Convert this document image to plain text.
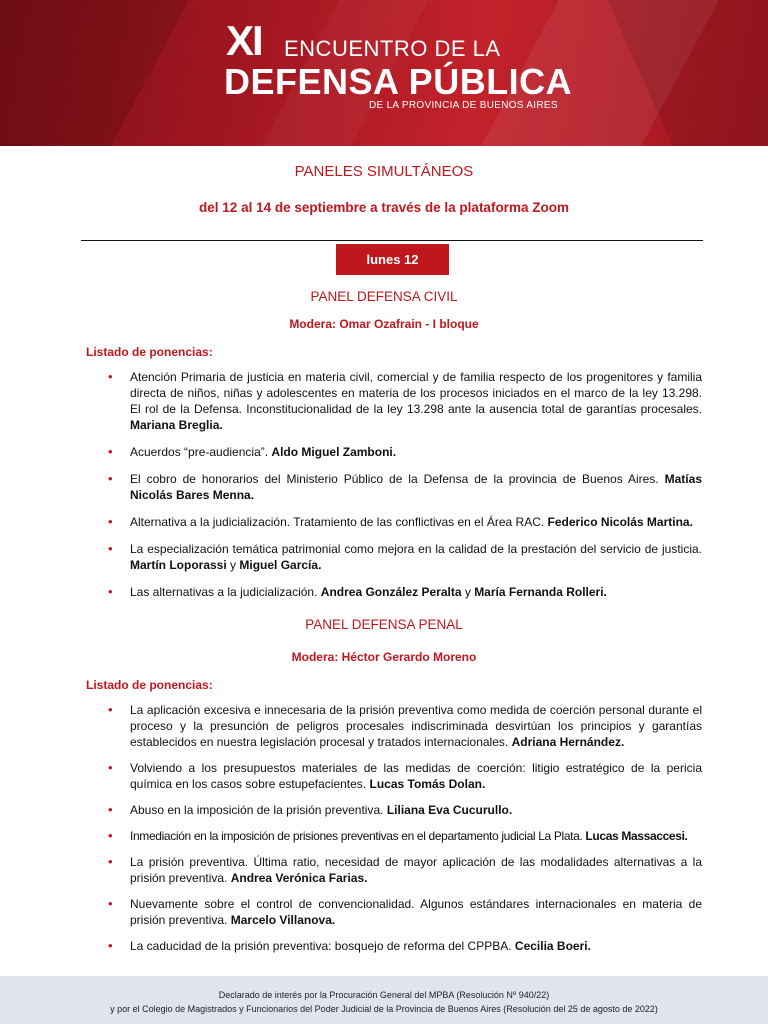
XI ENCUENTRO DE LA
DEFENSA PÚBLICA
DE LA PROVINCIA DE BUENOS AIRES
PANELES SIMULTÁNEOS
del 12 al 14 de septiembre a través de la plataforma Zoom
lunes 12
PANEL DEFENSA CIVIL
Modera: Omar Ozafrain - I bloque
Listado de ponencias:
• Atención Primaria de justicia en materia civil, comercial y de familia respecto de los progenitores y familia directa de niños, niñas y adolescentes en materia de los procesos iniciados en el marco de la ley 13.298. El rol de la Defensa. Inconstitucionalidad de la ley 13.298 ante la ausencia total de garantías procesales. Mariana Breglia.
• Acuerdos “pre-audiencia”. Aldo Miguel Zamboni.
• El cobro de honorarios del Ministerio Público de la Defensa de la provincia de Buenos Aires. Matías Nicolás Bares Menna.
• Alternativa a la judicialización. Tratamiento de las conflictivas en el Área RAC. Federico Nicolás Martina.
• La especialización temática patrimonial como mejora en la calidad de la prestación del servicio de justicia. Martín Loporassi y Miguel García.
• Las alternativas a la judicialización. Andrea González Peralta y María Fernanda Rolleri.
PANEL DEFENSA PENAL
Modera: Héctor Gerardo Moreno
Listado de ponencias:
• La aplicación excesiva e innecesaria de la prisión preventiva como medida de coerción personal durante el proceso y la presunción de peligros procesales indiscriminada desvirtúan los principios y garantías establecidos en nuestra legislación procesal y tratados internacionales. Adriana Hernández.
• Volviendo a los presupuestos materiales de las medidas de coerción: litigio estratégico de la pericia química en los casos sobre estupefacientes. Lucas Tomás Dolan.
• Abuso en la imposición de la prisión preventiva. Liliana Eva Cucurullo.
• Inmediación en la imposición de prisiones preventivas en el departamento judicial La Plata. Lucas Massaccesi.
• La prisión preventiva. Última ratio, necesidad de mayor aplicación de las modalidades alternativas a la prisión preventiva. Andrea Verónica Farias.
• Nuevamente sobre el control de convencionalidad. Algunos estándares internacionales en materia de prisión preventiva. Marcelo Villanova.
• La caducidad de la prisión preventiva: bosquejo de reforma del CPPBA. Cecilia Boeri.
Declarado de interés por la Procuración General del MPBA (Resolución Nº 940/22)
y por el Colegio de Magistrados y Funcionarios del Poder Judicial de la Provincia de Buenos Aires (Resolución del 25 de agosto de 2022)
